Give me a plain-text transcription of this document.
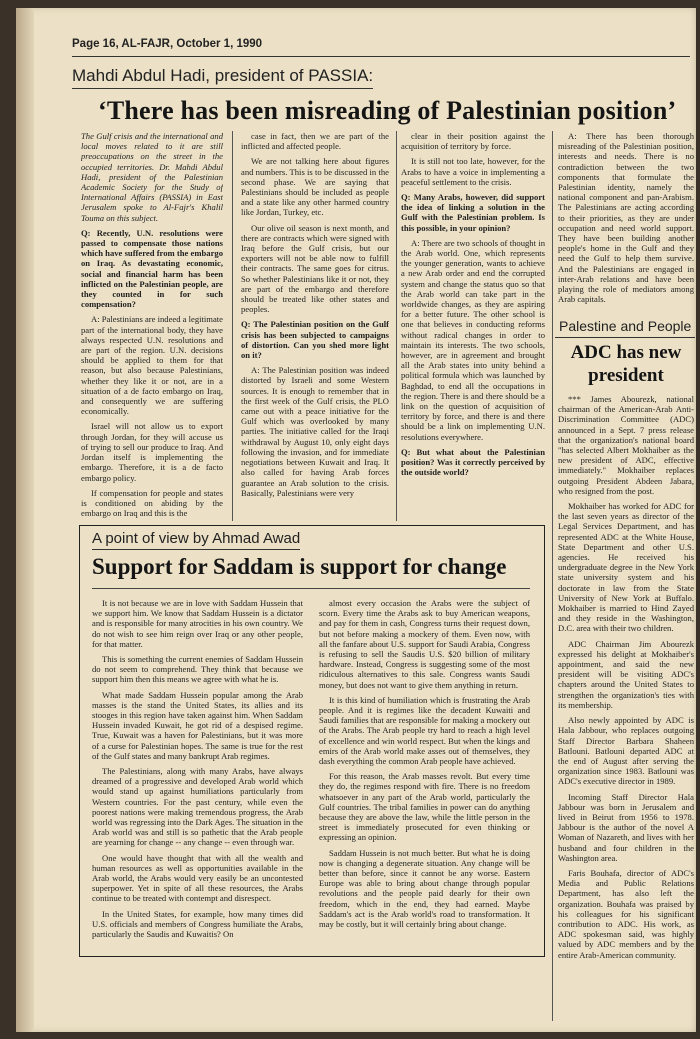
Page 16, AL-FAJR, October 1, 1990
Mahdi Abdul Hadi, president of PASSIA:
‘There has been misreading of Palestinian position’

The Gulf crisis and the international and local moves related to it are still preoccupations on the street in the occupied territories. Dr. Mahdi Abdul Hadi, president of the Palestinian Academic Society for the Study of International Affairs (PASSIA) in East Jerusalem spoke to Al-Fajr's Khalil Touma on this subject.

Q: Recently, U.N. resolutions were passed to compensate those nations which have suffered from the embargo on Iraq. As devastating economic, social and financial harm has been inflicted on the Palestinian people, are they counted in for such compensation?

A: Palestinians are indeed a legitimate part of the international body, they have always respected U.N. resolutions and are part of the region. U.N. decisions should be applied to them for that reason, but also because Palestinians, whether they like it or not, are in a situation of a de facto embargo on Iraq, and consequently we are suffering economically.

Israel will not allow us to export through Jordan, for they will accuse us of trying to sell our produce to Iraq. And Jordan itself is implementing the embargo. Therefore, it is a de facto embargo policy.

If compensation for people and states is conditioned on abiding by the embargo on Iraq and this is the

case in fact, then we are part of the inflicted and affected people.

We are not talking here about figures and numbers. This is to be discussed in the second phase. We are saying that Palestinians should be included as people and a state like any other harmed country like Jordan, Turkey, etc.

Our olive oil season is next month, and there are contracts which were signed with Iraq before the Gulf crisis, but our exporters will not be able now to fulfill their contracts. The same goes for citrus. So whether Palestinians like it or not, they are part of the embargo and therefore should be treated like other states and peoples.

Q: The Palestinian position on the Gulf crisis has been subjected to campaigns of distortion. Can you shed more light on it?

A: The Palestinian position was indeed distorted by Israeli and some Western sources. It is enough to remember that in the first week of the Gulf crisis, the PLO came out with a peace initiative for the Gulf which was overlooked by many parties. The initiative called for the Iraqi withdrawal by August 10, only eight days following the invasion, and for immediate negotiations between Kuwait and Iraq. It also called for having Arab forces guarantee an Arab solution to the crisis. Basically, Palestinians were very

clear in their position against the acquisition of territory by force.

It is still not too late, however, for the Arabs to have a voice in implementing a peaceful settlement to the crisis.

Q: Many Arabs, however, did support the idea of linking a solution in the Gulf with the Palestinian problem. Is this possible, in your opinion?

A: There are two schools of thought in the Arab world. One, which represents the younger generation, wants to achieve a new Arab order and end the corrupted system and change the status quo so that the Arab world can take part in the worldwide changes, as they are aspiring for a better future. The other school is one that believes in conducting reforms without radical changes in order to maintain its interests. The two schools, however, are in agreement and brought all the Arab states into unity behind a political formula which was launched by Baghdad, to end all the occupations in the region. There is and there should be a link on the question of acquisition of territory by force, and there is and there should be a link on implementing U.N. resolutions everywhere.

Q: But what about the Palestinian position? Was it correctly perceived by the outside world?

A: There has been thorough misreading of the Palestinian position, interests and needs. There is no contradiction between the two components that formulate the Palestinian identity, namely the national component and pan-Arabism. The Palestinians are acting according to their priorities, as they are under occupation and need world support. They have been building another people's home in the Gulf and they need the Gulf to help them survive. And the Palestinians are engaged in inter-Arab relations and have been playing the role of mediators among Arab capitals.

Palestine and People
ADC has new president

*** James Abourezk, national chairman of the American-Arab Anti-Discrimination Committee (ADC) announced in a Sept. 7 press release that the organization's national board "has selected Albert Mokhaiber as the new president of ADC, effective immediately." Mokhaiber replaces outgoing President Abdeen Jabara, who resigned from the post.

Mokhaiber has worked for ADC for the last seven years as director of the Legal Services Department, and has represented ADC at the White House, State Department and other U.S. agencies. He received his undergraduate degree in the New York state university system and his doctorate in law from the State University of New York at Buffalo. Mokhaiber is married to Hind Zayed and they reside in the Washington, D.C. area with their two children.

ADC Chairman Jim Abourezk expressed his delight at Mokhaiber's appointment, and said the new president will be visiting ADC's chapters around the United States to strengthen the organization's ties with its membership.

Also newly appointed by ADC is Hala Jabbour, who replaces outgoing Staff Director Barbara Shaheen Batlouni. Batlouni departed ADC at the end of August after serving the organization since 1983. Batlouni was ADC's executive director in 1989.

Incoming Staff Director Hala Jabbour was born in Jerusalem and lived in Beirut from 1956 to 1978. Jabbour is the author of the novel A Woman of Nazareth, and lives with her husband and four children in the Washington area.

Faris Bouhafa, director of ADC's Media and Public Relations Department, has also left the organization. Bouhafa was praised by his colleagues for his significant contribution to ADC. His work, as ADC spokesman said, was highly valued by ADC members and by the entire Arab-American community.

A point of view by Ahmad Awad
Support for Saddam is support for change

It is not because we are in love with Saddam Hussein that we support him. We know that Saddam Hussein is a dictator and is responsible for many atrocities in his own country. We do not wish to see him reign over Iraq or any other people, for that matter.

This is something the current enemies of Saddam Hussein do not seem to comprehend. They think that because we support him then this means we agree with what he is.

What made Saddam Hussein popular among the Arab masses is the stand the United States, its allies and its stooges in this region have taken against him. When Saddam Hussein invaded Kuwait, he got rid of a despised regime. True, Kuwait was a haven for Palestinians, but it was more of a curse for Palestinian hopes. The same is true for the rest of the Gulf states and many bankrupt Arab regimes.

The Palestinians, along with many Arabs, have always dreamed of a progressive and developed Arab world which would stand up against humiliations particularly from Western countries. For the past century, while even the poorest nations were making tremendous progress, the Arab world was regressing into the Dark Ages. The situation in the Arab world was and still is so pathetic that the Arab people are yearning for change -- any change -- even through war.

One would have thought that with all the wealth and human resources as well as opportunities available in the Arab world, the Arabs would very easily be an uncontested superpower. Yet in spite of all these resources, the Arabs continue to be treated with contempt and disrespect.

In the United States, for example, how many times did U.S. officials and members of Congress humiliate the Arabs, particularly the Saudis and Kuwaitis? On

almost every occasion the Arabs were the subject of scorn. Every time the Arabs ask to buy American weapons, and pay for them in cash, Congress turns their request down, but not before making a mockery of them. Even now, with all the fanfare about U.S. support for Saudi Arabia, Congress is refusing to sell the Saudis U.S. $20 billion of military hardware. Instead, Congress is suggesting some of the most ridiculous alternatives to this sale. Congress wants Saudi money, but does not want to give them anything in return.

It is this kind of humiliation which is frustrating the Arab people. And it is regimes like the decadent Kuwaiti and Saudi families that are responsible for making a mockery out of the Arabs. The Arab people try hard to reach a high level of excellence and win world respect. But when the kings and emirs of the Arab world make asses out of themselves, they dash everything the common Arab people have achieved.

For this reason, the Arab masses revolt. But every time they do, the regimes respond with fire. There is no freedom whatsoever in any part of the Arab world, particularly the Gulf countries. The tribal families in power can do anything because they are above the law, while the little person in the street is immediately prosecuted for even thinking or expressing an opinion.

Saddam Hussein is not much better. But what he is doing now is changing a degenerate situation. Any change will be better than before, since it cannot be any worse. Eastern Europe was able to bring about change through popular revolutions and the people paid dearly for their own freedom, which in the end, they had earned. Maybe Saddam's act is the Arab world's road to transformation. It may be costly, but it will certainly bring about change.
